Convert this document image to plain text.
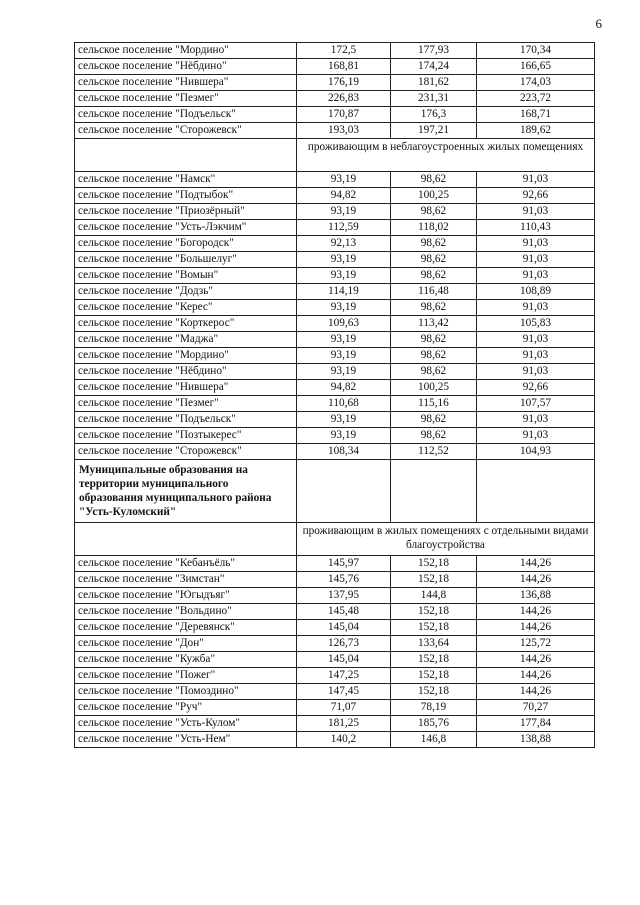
6
сельское поселение "Мордино"	172,5	177,93	170,34
сельское поселение "Нёбдино"	168,81	174,24	166,65
сельское поселение "Нившера"	176,19	181,62	174,03
сельское поселение "Пезмег"	226,83	231,31	223,72
сельское поселение "Подъельск"	170,87	176,3	168,71
сельское поселение "Сторожевск"	193,03	197,21	189,62
	проживающим в неблагоустроенных жилых помещениях		
сельское поселение "Намск"	93,19	98,62	91,03
сельское поселение "Подтыбок"	94,82	100,25	92,66
сельское поселение "Приозёрный"	93,19	98,62	91,03
сельское поселение "Усть-Лэкчим"	112,59	118,02	110,43
сельское поселение "Богородск"	92,13	98,62	91,03
сельское поселение "Большелуг"	93,19	98,62	91,03
сельское поселение "Вомын"	93,19	98,62	91,03
сельское поселение "Додзь"	114,19	116,48	108,89
сельское поселение "Керес"	93,19	98,62	91,03
сельское поселение "Корткерос"	109,63	113,42	105,83
сельское поселение "Маджа"	93,19	98,62	91,03
сельское поселение "Мордино"	93,19	98,62	91,03
сельское поселение "Нёбдино"	93,19	98,62	91,03
сельское поселение "Нившера"	94,82	100,25	92,66
сельское поселение "Пезмег"	110,68	115,16	107,57
сельское поселение "Подъельск"	93,19	98,62	91,03
сельское поселение "Позтыкерес"	93,19	98,62	91,03
сельское поселение "Сторожевск"	108,34	112,52	104,93
Муниципальные образования на территории муниципального образования муниципального района "Усть-Куломский"			
	проживающим в жилых помещениях с отдельными видами благоустройства		
сельское поселение "Кебанъёль"	145,97	152,18	144,26
сельское поселение "Зимстан"	145,76	152,18	144,26
сельское поселение "Югыдъяг"	137,95	144,8	136,88
сельское поселение "Вольдино"	145,48	152,18	144,26
сельское поселение "Деревянск"	145,04	152,18	144,26
сельское поселение "Дон"	126,73	133,64	125,72
сельское поселение "Кужба"	145,04	152,18	144,26
сельское поселение "Пожег"	147,25	152,18	144,26
сельское поселение "Помоздино"	147,45	152,18	144,26
сельское поселение "Руч"	71,07	78,19	70,27
сельское поселение "Усть-Кулом"	181,25	185,76	177,84
сельское поселение "Усть-Нем"	140,2	146,8	138,88
